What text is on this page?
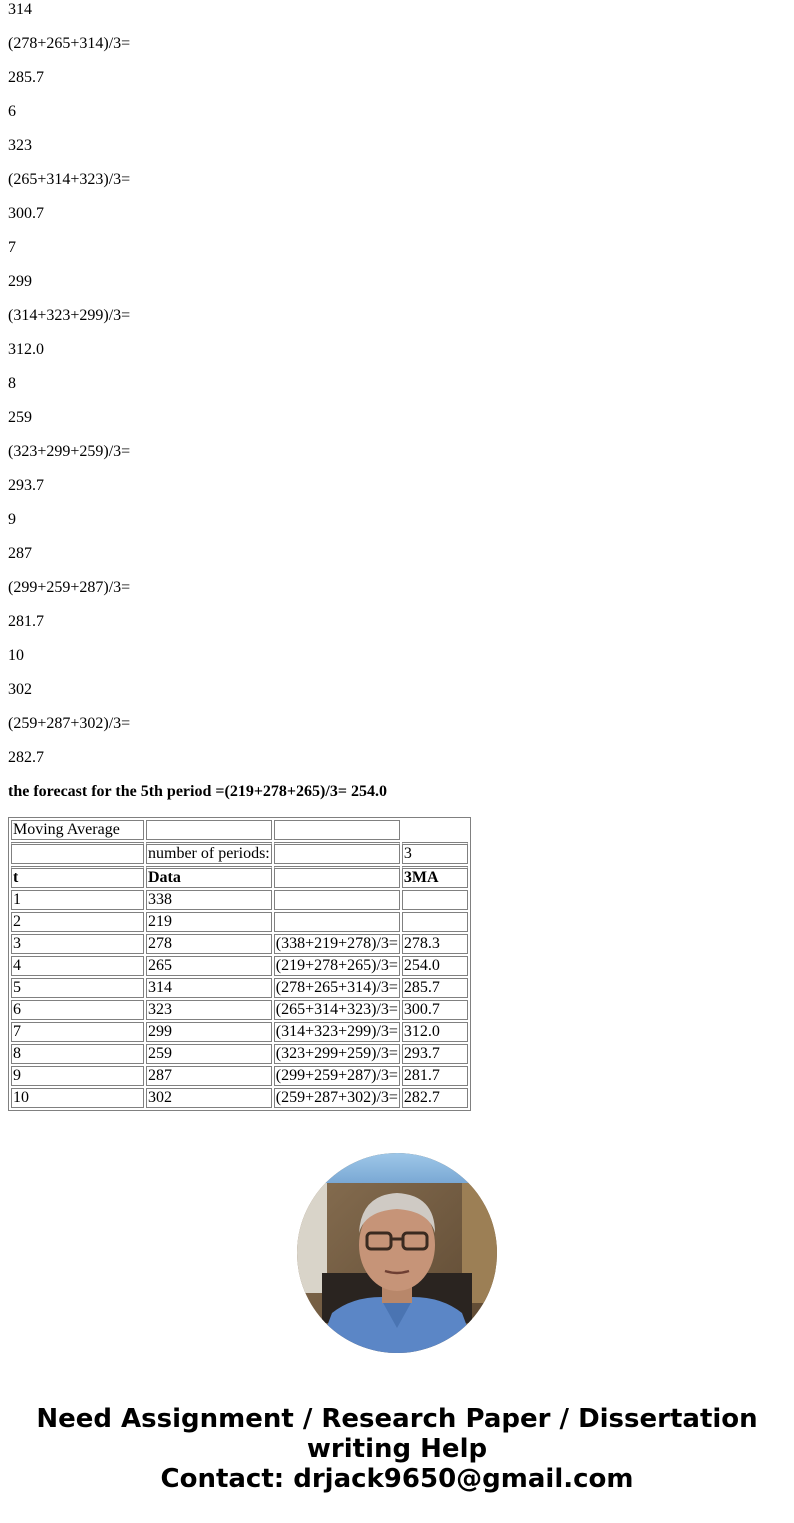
314
(278+265+314)/3=
285.7
6
323
(265+314+323)/3=
300.7
7
299
(314+323+299)/3=
312.0
8
259
(323+299+259)/3=
293.7
9
287
(299+259+287)/3=
281.7
10
302
(259+287+302)/3=
282.7
the forecast for the 5th period =(219+278+265)/3= 254.0
Moving Average			
	number of periods:		3
t	Data		3MA
1	338		
2	219		
3	278	(338+219+278)/3=	278.3
4	265	(219+278+265)/3=	254.0
5	314	(278+265+314)/3=	285.7
6	323	(265+314+323)/3=	300.7
7	299	(314+323+299)/3=	312.0
8	259	(323+299+259)/3=	293.7
9	287	(299+259+287)/3=	281.7
10	302	(259+287+302)/3=	282.7
Need Assignment / Research Paper / Dissertation
writing Help
Contact: drjack9650@gmail.com
